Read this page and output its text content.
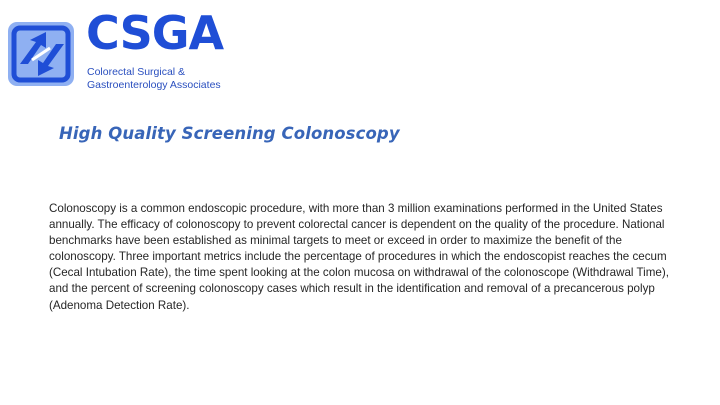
CSGA
Colorectal Surgical &
Gastroenterology Associates
High Quality Screening Colonoscopy

Colonoscopy is a common endoscopic procedure, with more than 3 million examinations performed in the United States annually. The efficacy of colonoscopy to prevent colorectal cancer is dependent on the quality of the procedure. National benchmarks have been established as minimal targets to meet or exceed in order to maximize the benefit of the colonoscopy. Three important metrics include the percentage of procedures in which the endoscopist reaches the cecum (Cecal Intubation Rate), the time spent looking at the colon mucosa on withdrawal of the colonoscope (Withdrawal Time), and the percent of screening colonoscopy cases which result in the identification and removal of a precancerous polyp (Adenoma Detection Rate).
